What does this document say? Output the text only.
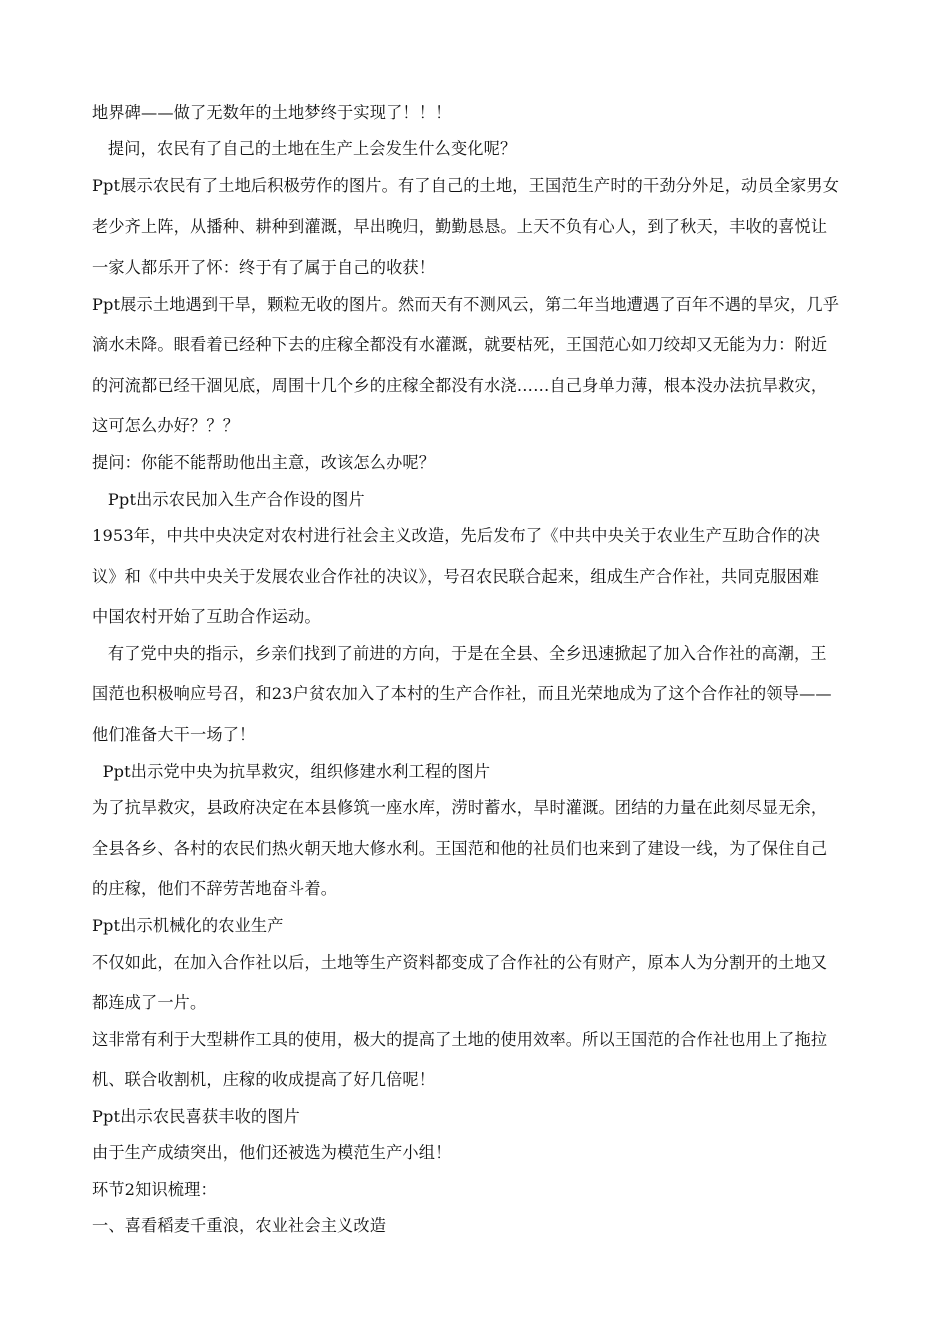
地界碑——做了无数年的土地梦终于实现了！！！
提问，农民有了自己的土地在生产上会发生什么变化呢？
Ppt展示农民有了土地后积极劳作的图片。有了自己的土地，王国范生产时的干劲分外足，动员全家男女
老少齐上阵，从播种、耕种到灌溉，早出晚归，勤勤恳恳。上天不负有心人，到了秋天，丰收的喜悦让
一家人都乐开了怀：终于有了属于自己的收获！
Ppt展示土地遇到干旱，颗粒无收的图片。然而天有不测风云，第二年当地遭遇了百年不遇的旱灾，几乎
滴水未降。眼看着已经种下去的庄稼全都没有水灌溉，就要枯死，王国范心如刀绞却又无能为力：附近
的河流都已经干涸见底，周围十几个乡的庄稼全都没有水浇……自己身单力薄，根本没办法抗旱救灾，
这可怎么办好？？？
提问：你能不能帮助他出主意，改该怎么办呢？
Ppt出示农民加入生产合作设的图片
1953年，中共中央决定对农村进行社会主义改造，先后发布了《中共中央关于农业生产互助合作的决
议》和《中共中央关于发展农业合作社的决议》，号召农民联合起来，组成生产合作社，共同克服困难
中国农村开始了互助合作运动。
有了党中央的指示，乡亲们找到了前进的方向，于是在全县、全乡迅速掀起了加入合作社的高潮，王
国范也积极响应号召，和23户贫农加入了本村的生产合作社，而且光荣地成为了这个合作社的领导——
他们准备大干一场了！
Ppt出示党中央为抗旱救灾，组织修建水利工程的图片
为了抗旱救灾，县政府决定在本县修筑一座水库，涝时蓄水，旱时灌溉。团结的力量在此刻尽显无余，
全县各乡、各村的农民们热火朝天地大修水利。王国范和他的社员们也来到了建设一线，为了保住自己
的庄稼，他们不辞劳苦地奋斗着。
Ppt出示机械化的农业生产
不仅如此，在加入合作社以后，土地等生产资料都变成了合作社的公有财产，原本人为分割开的土地又
都连成了一片。
这非常有利于大型耕作工具的使用，极大的提高了土地的使用效率。所以王国范的合作社也用上了拖拉
机、联合收割机，庄稼的收成提高了好几倍呢！
Ppt出示农民喜获丰收的图片
由于生产成绩突出，他们还被选为模范生产小组！
环节2知识梳理：
一、喜看稻麦千重浪，农业社会主义改造
